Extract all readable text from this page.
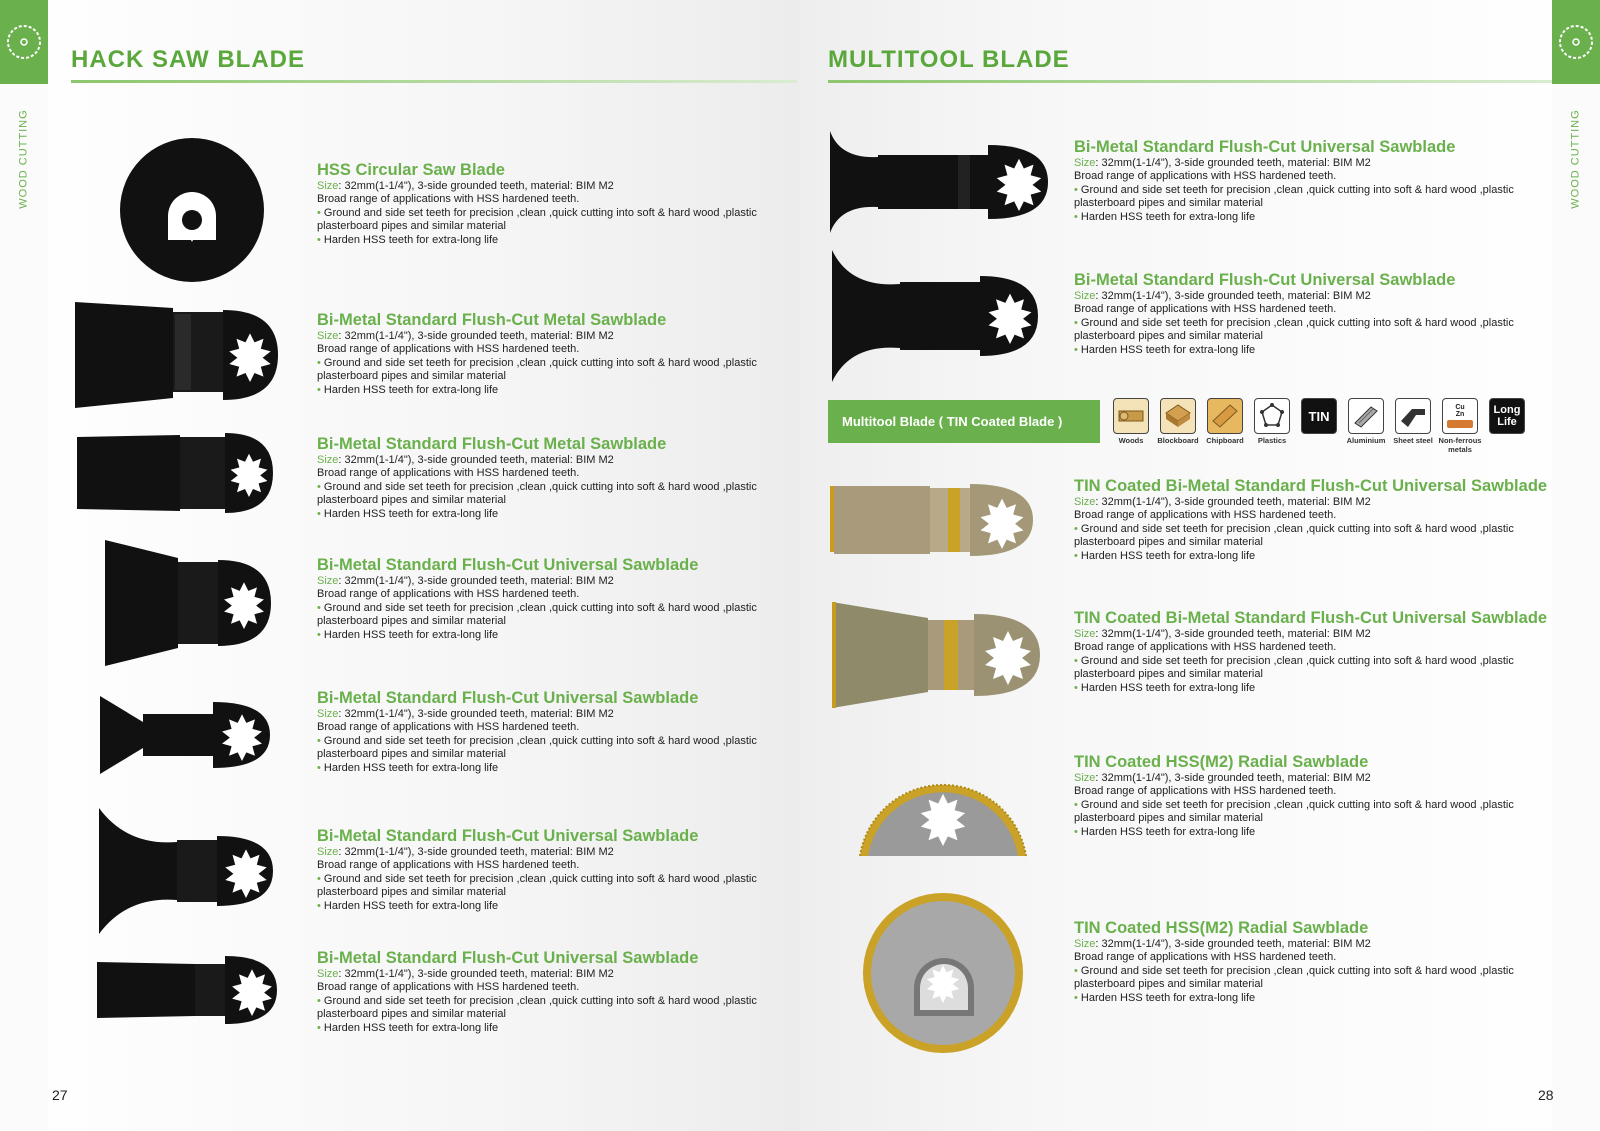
WOOD CUTTING
HACK SAW BLADE
HSS Circular Saw Blade
Size: 32mm(1-1/4"), 3-side grounded teeth, material: BIM M2
Broad range of applications with HSS hardened teeth.
• Ground and side set teeth for precision ,clean ,quick cutting into soft & hard wood ,plastic
plasterboard pipes and similar material
• Harden HSS teeth for extra-long life
Bi-Metal Standard Flush-Cut Metal Sawblade
Size: 32mm(1-1/4"), 3-side grounded teeth, material: BIM M2
Broad range of applications with HSS hardened teeth.
• Ground and side set teeth for precision ,clean ,quick cutting into soft & hard wood ,plastic
plasterboard pipes and similar material
• Harden HSS teeth for extra-long life
Bi-Metal Standard Flush-Cut Metal Sawblade
Size: 32mm(1-1/4"), 3-side grounded teeth, material: BIM M2
Broad range of applications with HSS hardened teeth.
• Ground and side set teeth for precision ,clean ,quick cutting into soft & hard wood ,plastic
plasterboard pipes and similar material
• Harden HSS teeth for extra-long life
Bi-Metal Standard Flush-Cut Universal Sawblade
Size: 32mm(1-1/4"), 3-side grounded teeth, material: BIM M2
Broad range of applications with HSS hardened teeth.
• Ground and side set teeth for precision ,clean ,quick cutting into soft & hard wood ,plastic
plasterboard pipes and similar material
• Harden HSS teeth for extra-long life
Bi-Metal Standard Flush-Cut Universal Sawblade
Size: 32mm(1-1/4"), 3-side grounded teeth, material: BIM M2
Broad range of applications with HSS hardened teeth.
• Ground and side set teeth for precision ,clean ,quick cutting into soft & hard wood ,plastic
plasterboard pipes and similar material
• Harden HSS teeth for extra-long life
Bi-Metal Standard Flush-Cut Universal Sawblade
Size: 32mm(1-1/4"), 3-side grounded teeth, material: BIM M2
Broad range of applications with HSS hardened teeth.
• Ground and side set teeth for precision ,clean ,quick cutting into soft & hard wood ,plastic
plasterboard pipes and similar material
• Harden HSS teeth for extra-long life
Bi-Metal Standard Flush-Cut Universal Sawblade
Size: 32mm(1-1/4"), 3-side grounded teeth, material: BIM M2
Broad range of applications with HSS hardened teeth.
• Ground and side set teeth for precision ,clean ,quick cutting into soft & hard wood ,plastic
plasterboard pipes and similar material
• Harden HSS teeth for extra-long life
27
WOOD CUTTING
MULTITOOL BLADE
Bi-Metal Standard Flush-Cut Universal Sawblade
Size: 32mm(1-1/4"), 3-side grounded teeth, material: BIM M2
Broad range of applications with HSS hardened teeth.
• Ground and side set teeth for precision ,clean ,quick cutting into soft & hard wood ,plastic
plasterboard pipes and similar material
• Harden HSS teeth for extra-long life
Bi-Metal Standard Flush-Cut Universal Sawblade
Size: 32mm(1-1/4"), 3-side grounded teeth, material: BIM M2
Broad range of applications with HSS hardened teeth.
• Ground and side set teeth for precision ,clean ,quick cutting into soft & hard wood ,plastic
plasterboard pipes and similar material
• Harden HSS teeth for extra-long life
Multitool Blade ( TIN Coated Blade )
Woods	Blockboard	Chipboard	Plastics
TIN
Aluminium	Sheet steel
Cu
Zn
Non-ferrous metals
Long Life
TIN Coated Bi-Metal Standard Flush-Cut Universal Sawblade
Size: 32mm(1-1/4"), 3-side grounded teeth, material: BIM M2
Broad range of applications with HSS hardened teeth.
• Ground and side set teeth for precision ,clean ,quick cutting into soft & hard wood ,plastic
plasterboard pipes and similar material
• Harden HSS teeth for extra-long life
TIN Coated Bi-Metal Standard Flush-Cut Universal Sawblade
Size: 32mm(1-1/4"), 3-side grounded teeth, material: BIM M2
Broad range of applications with HSS hardened teeth.
• Ground and side set teeth for precision ,clean ,quick cutting into soft & hard wood ,plastic
plasterboard pipes and similar material
• Harden HSS teeth for extra-long life
TIN Coated HSS(M2) Radial Sawblade
Size: 32mm(1-1/4"), 3-side grounded teeth, material: BIM M2
Broad range of applications with HSS hardened teeth.
• Ground and side set teeth for precision ,clean ,quick cutting into soft & hard wood ,plastic
plasterboard pipes and similar material
• Harden HSS teeth for extra-long life
TIN Coated HSS(M2) Radial Sawblade
Size: 32mm(1-1/4"), 3-side grounded teeth, material: BIM M2
Broad range of applications with HSS hardened teeth.
• Ground and side set teeth for precision ,clean ,quick cutting into soft & hard wood ,plastic
plasterboard pipes and similar material
• Harden HSS teeth for extra-long life
28
